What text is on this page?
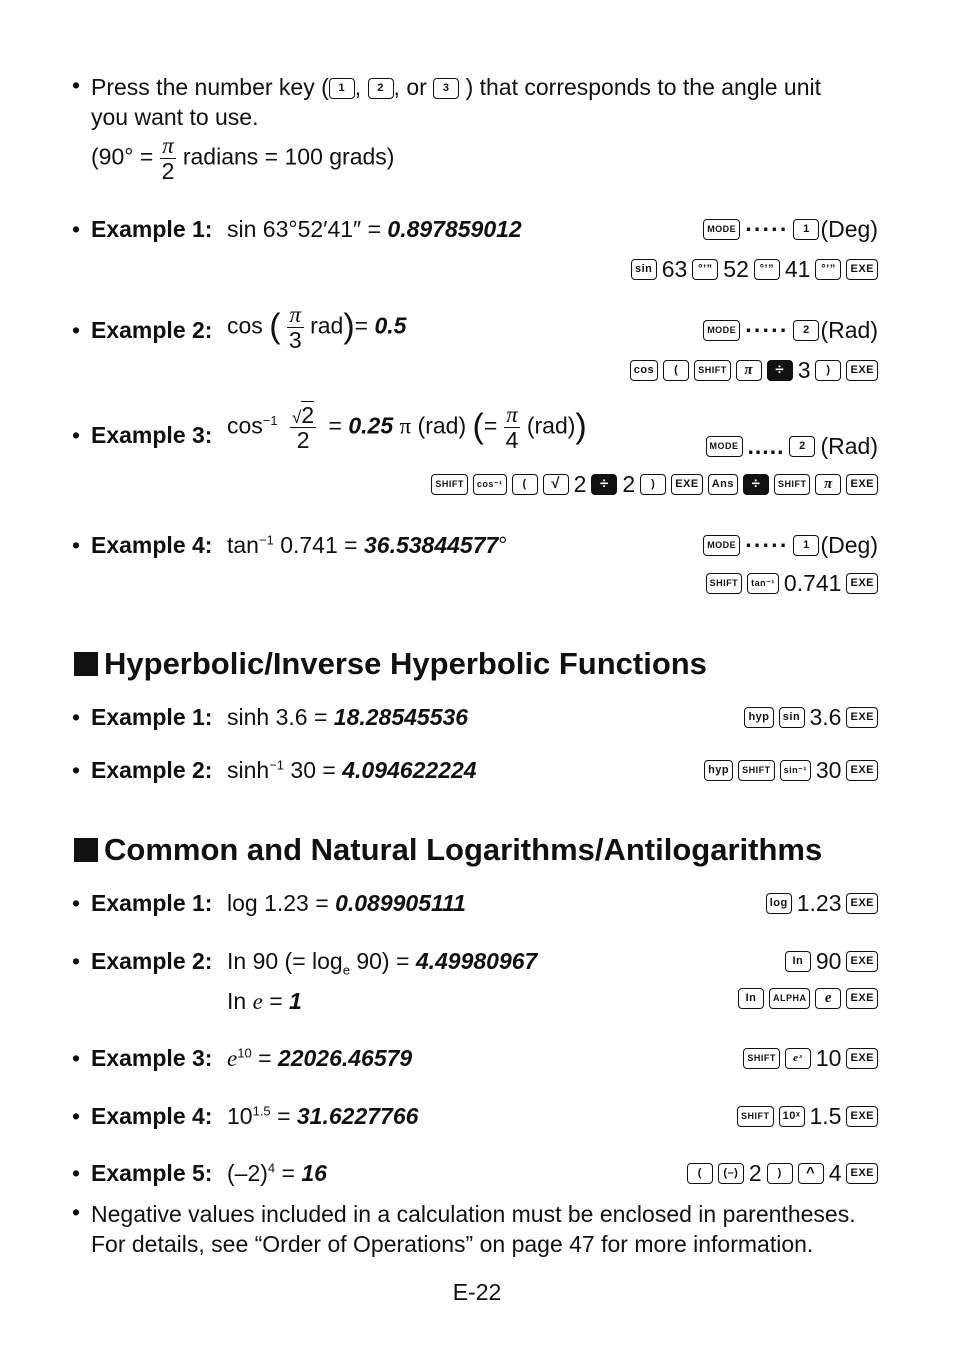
• Press the number key ( 1 , 2 , or 3 ) that corresponds to the angle unit
you want to use.
($90^\circ = \frac{\pi}{2}$ radians = 100 grads)
• Example 1: sin 63°52′41″ = 0.897859012	MODE ·····	1 (Deg)
sin 63 °’” 52 °’” 41 °’”	EXE
• Example 2: cos ( $\frac{\pi}{3} rad)= 0.5$	MODE ·····	2 (Rad)
cos	(	SHIFT	π	÷ 3	)	EXE
• Example 3: $\cos^{-1} \frac{√2}{2} = 0.25$ π (rad) (= $\frac{\pi}{4} (rad)$)
MODE .....	2 (Rad)
SHIFT	cos⁻¹	(	√ 2 ÷ 2	)	EXE	Ans	÷	SHIFT	π	EXE
• Example 4: $\tan^{-1} 0.741 = 36.53844577^\circ$	MODE ·····	1 (Deg)
SHIFT	tan⁻¹ 0.741 EXE
Hyperbolic/Inverse Hyperbolic Functions
• Example 1: sinh 3.6 = 18.28545536	hyp	sin 3.6 EXE
• Example 2: $\sinh^{-1} 30 = 4.094622224$	hyp	SHIFT	sin⁻¹ 30 EXE
Common and Natural Logarithms/Antilogarithms
• Example 1: log 1.23 = 0.089905111	log 1.23 EXE
• Example 2: In 90 (= $\log_e 90) = 4.49980967$
In e = 1
In 90 EXE
In	ALPHA	e	EXE
• Example 3: $e^{10} = 22026.46579$	SHIFT	eˣ 10 EXE
• Example 4: $10^{1.5} = 31.6227766$	SHIFT	10ˣ 1.5 EXE
• Example 5: $(-2)^4 = 16$	(	(–) 2	)	^ 4 EXE
• Negative values included in a calculation must be enclosed in parentheses.
For details, see “Order of Operations” on page 47 for more information.
E-22
